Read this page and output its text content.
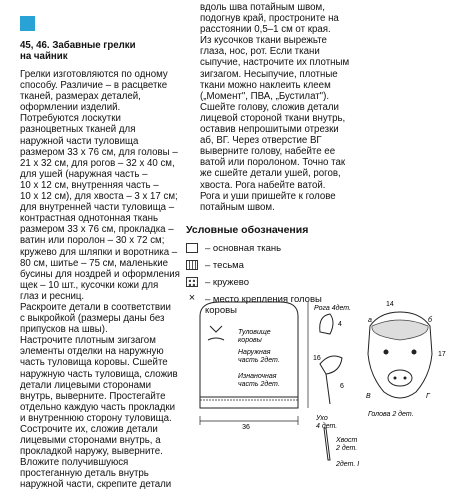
45, 46. Забавные грелки
на чайник
Грелки изготовляются по одному
способу. Различие – в расцветке
тканей, размерах деталей,
оформлении изделий.
Потребуются лоскутки
разноцветных тканей для
наружной части туловища
размером 33 х 76 см, для головы –
21 х 32 см, для рогов – 32 х 40 см,
для ушей (наружная часть –
10 х 12 см, внутренняя часть –
10 х 12 см), для хвоста – 3 х 17 см;
для внутренней части туловища –
контрастная однотонная ткань
размером 33 х 76 см, прокладка –
ватин или поролон – 30 х 72 см;
кружево для шляпки и воротника –
80 см, шитье – 75 см, маленькие
бусины для ноздрей и оформления
щек – 10 шт., кусочки кожи для
глаз и ресниц.
Раскроите детали в соответствии
с выкройкой (размеры даны без
припусков на швы).
Настрочите плотным зигзагом
элементы отделки на наружную
часть туловища коровы. Сшейте
наружную часть туловища, сложив
детали лицевыми сторонами
внутрь, выверните. Простегайте
отдельно каждую часть прокладки
и внутреннюю сторону туловища.
Сострочите их, сложив детали
лицевыми сторонами внутрь, а
прокладкой наружу, выверните.
Вложите получившуюся
простеганную деталь внутрь
наружной части, скрепите детали
вдоль шва потайным швом,
подогнув край, простроните на
расстоянии 0,5–1 см от края.
Из кусочков ткани вырежьте
глаза, нос, рот. Если ткани
сыпучие, настрочите их плотным
зигзагом. Несыпучие, плотные
ткани можно наклеить клеем
(„Момент", ПВА, „Бустилат").
Сшейте голову, сложив детали
лицевой стороной ткани внутрь,
оставив непрошитыми отрезки
аб, ВГ. Через отверстие ВГ
выверните голову, набейте ее
ватой или поролоном. Точно так
же сшейте детали ушей, рогов,
хвоста. Рога набейте ватой.
Рога и уши пришейте к голове
потайным швом.
Условные обозначения
– основная ткань
– тесьма
– кружево
× – место крепления головы
коровы
36
16
Туловище коровы
Наружная часть 2дет.
Изнаночная часть 2дет.
Рога 4дет.
4
Ухо 4 дет.
6
Голова 2 дет.
14
17
В	Г
а	б
Хвост 2 дет.
2дет. I
